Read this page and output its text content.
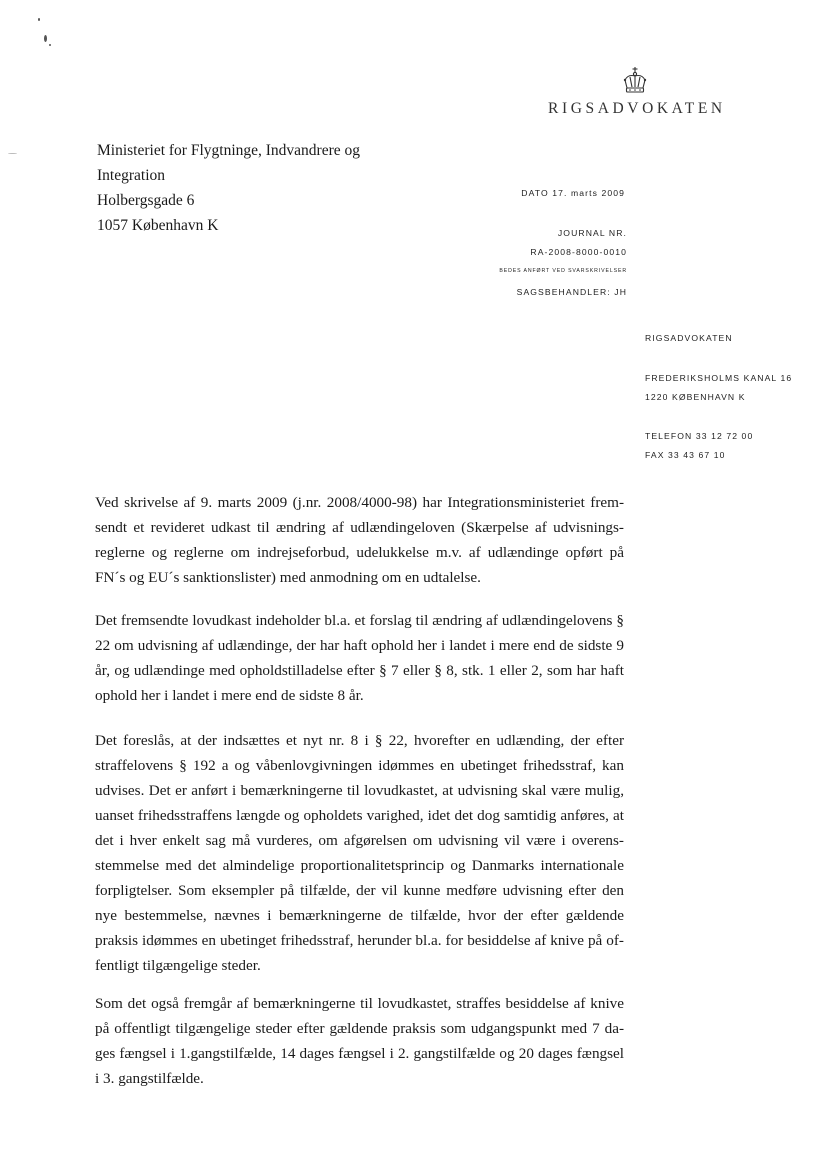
RIGSADVOKATEN
Ministeriet for Flygtninge, Indvandrere og
Integration
Holbergsgade 6
1057 København K
DATO 17. marts 2009
JOURNAL NR.
RA-2008-8000-0010
BEDES ANFØRT VED SVARSKRIVELSER
SAGSBEHANDLER: JH
RIGSADVOKATEN
FREDERIKSHOLMS KANAL 16
1220 KØBENHAVN K
TELEFON 33 12 72 00
FAX 33 43 67 10
Ved skrivelse af 9. marts 2009 (j.nr. 2008/4000-98) har Integrationsministeriet frem-
sendt et revideret udkast til ændring af udlændingeloven (Skærpelse af udvisnings-
reglerne og reglerne om indrejseforbud, udelukkelse m.v. af udlændinge opført på
FN´s og EU´s sanktionslister) med anmodning om en udtalelse.
Det fremsendte lovudkast indeholder bl.a. et forslag til ændring af udlændingelovens §
22 om udvisning af udlændinge, der har haft ophold her i landet i mere end de sidste 9
år, og udlændinge med opholdstilladelse efter § 7 eller § 8, stk. 1 eller 2, som har haft
ophold her i landet i mere end de sidste 8 år.
Det foreslås, at der indsættes et nyt nr. 8 i § 22, hvorefter en udlænding, der efter
straffelovens § 192 a og våbenlovgivningen idømmes en ubetinget frihedsstraf, kan
udvises. Det er anført i bemærkningerne til lovudkastet, at udvisning skal være mulig,
uanset frihedsstraffens længde og opholdets varighed, idet det dog samtidig anføres, at
det i hver enkelt sag må vurderes, om afgørelsen om udvisning vil være i overens-
stemmelse med det almindelige proportionalitetsprincip og Danmarks internationale
forpligtelser. Som eksempler på tilfælde, der vil kunne medføre udvisning efter den
nye bestemmelse, nævnes i bemærkningerne de tilfælde, hvor der efter gældende
praksis idømmes en ubetinget frihedsstraf, herunder bl.a. for besiddelse af knive på of-
fentligt tilgængelige steder.
Som det også fremgår af bemærkningerne til lovudkastet, straffes besiddelse af knive
på offentligt tilgængelige steder efter gældende praksis som udgangspunkt med 7 da-
ges fængsel i 1.gangstilfælde, 14 dages fængsel i 2. gangstilfælde og 20 dages fængsel
i 3. gangstilfælde.
